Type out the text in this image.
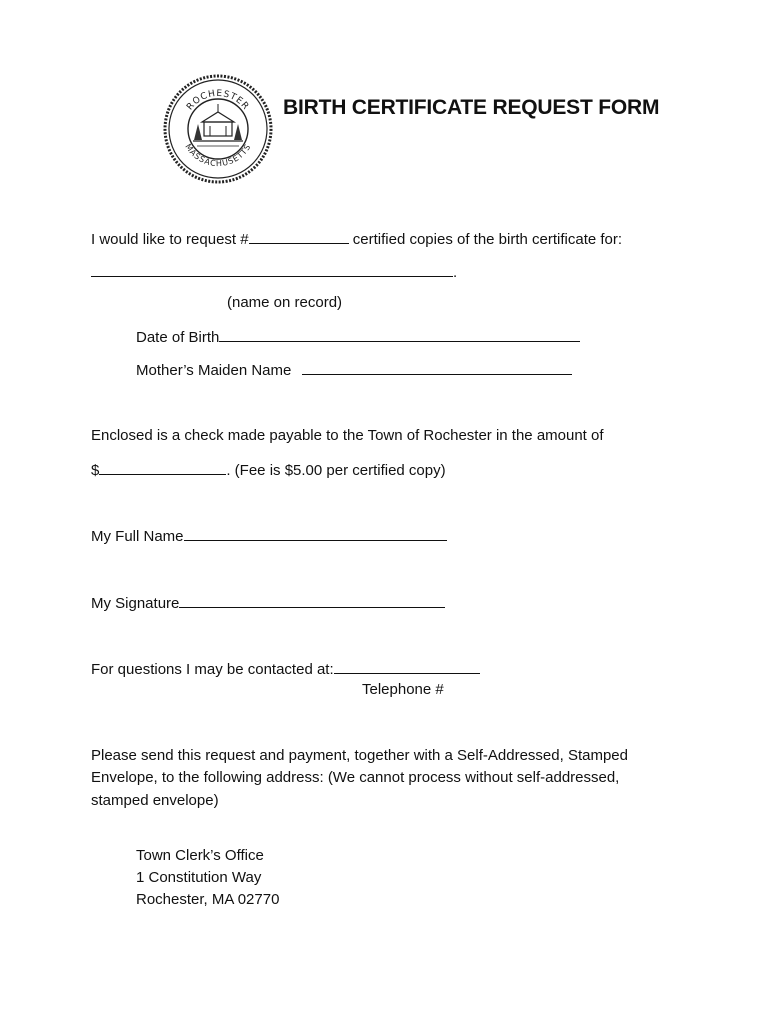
ROCHESTER
MASSACHUSETTS
BIRTH CERTIFICATE REQUEST FORM
I would like to request #	certified copies of the birth certificate for:
.
(name on record)
Date of Birth
Mother’s Maiden Name
Enclosed is a check made payable to the Town of Rochester in the amount of
$	. (Fee is $5.00 per certified copy)
My Full Name
My Signature
For questions I may be contacted at:
Telephone #
Please send this request and payment, together with a Self-Addressed, Stamped
Envelope, to the following address: (We cannot process without self-addressed,
stamped envelope)
Town Clerk’s Office
1 Constitution Way
Rochester, MA 02770
